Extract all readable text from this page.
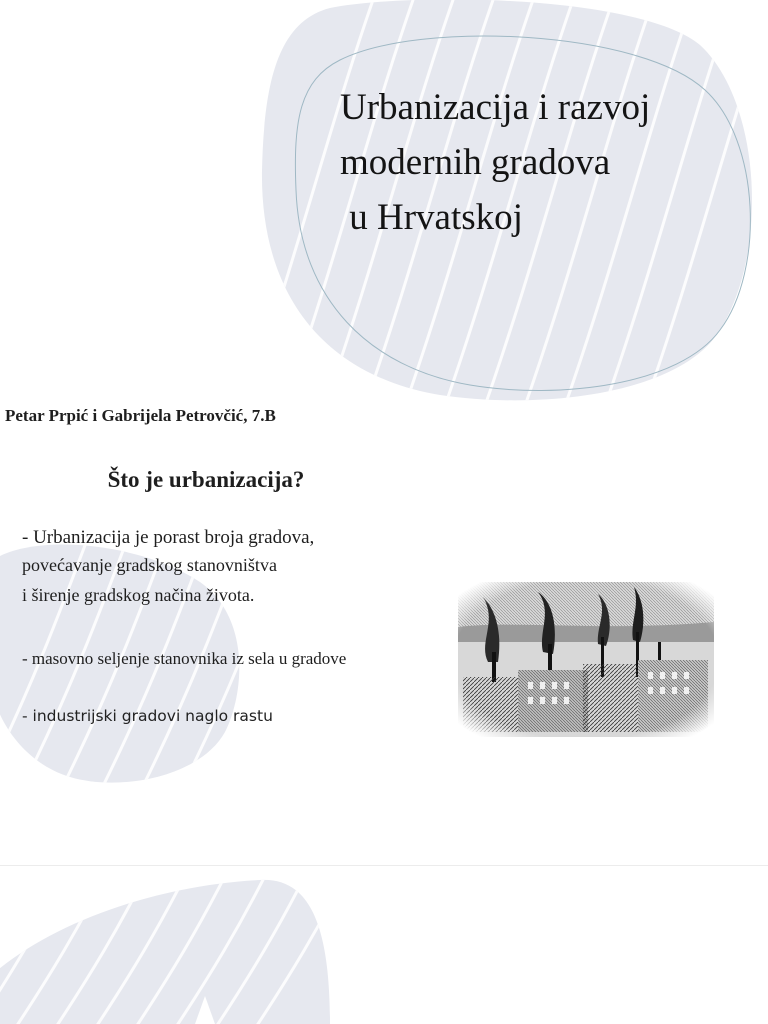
Urbanizacija i razvoj
modernih gradova
u Hrvatskoj

Petar Prpić i Gabrijela Petrovčić, 7.B

Što je urbanizacija?

- Urbanizacija je porast broja gradova,

povećavanje gradskog stanovništva

i širenje gradskog načina života.

- masovno seljenje stanovnika iz sela u gradove

- industrijski gradovi naglo rastu
